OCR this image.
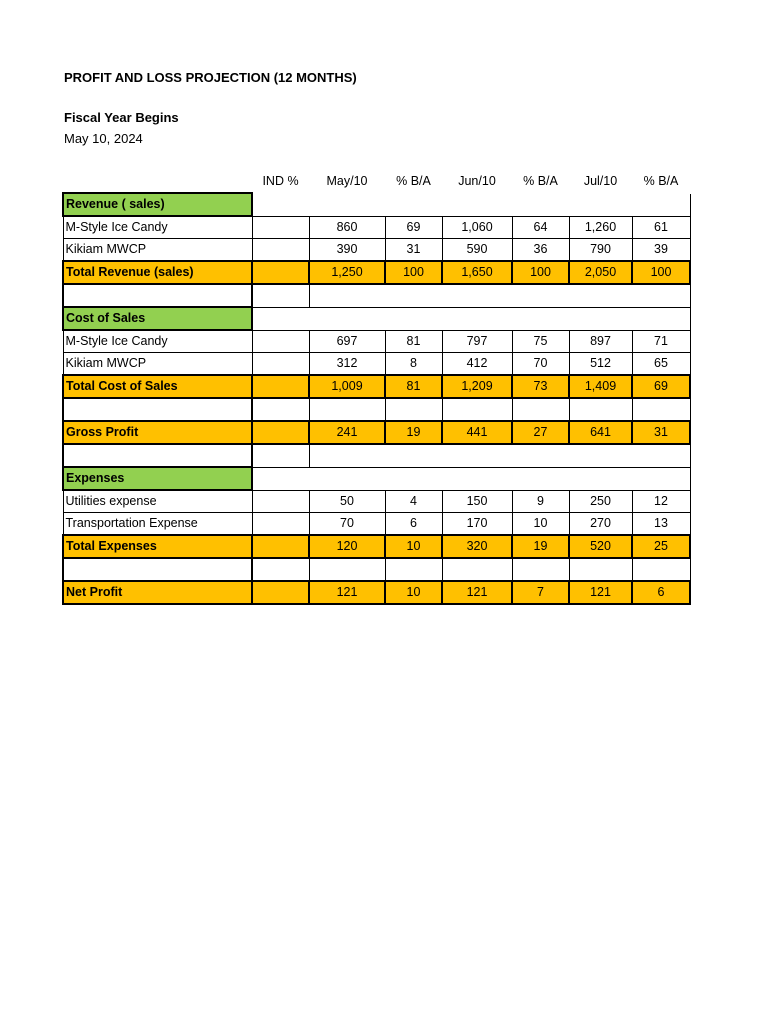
PROFIT AND LOSS PROJECTION (12 MONTHS)
Fiscal Year Begins
May 10, 2024
	IND %	May/10	% B/A	Jun/10	% B/A	Jul/10	% B/A
Revenue ( sales)							
M-Style Ice Candy		860	69	1,060	64	1,260	61
Kikiam MWCP		390	31	590	36	790	39
Total Revenue (sales)		1,250	100	1,650	100	2,050	100

Cost of Sales							
M-Style Ice Candy		697	81	797	75	897	71
Kikiam MWCP		312	8	412	70	512	65
Total Cost of Sales		1,009	81	1,209	73	1,409	69

Gross Profit		241	19	441	27	641	31

Expenses							
Utilities expense		50	4	150	9	250	12
Transportation Expense		70	6	170	10	270	13
Total Expenses		120	10	320	19	520	25

Net Profit		121	10	121	7	121	6
